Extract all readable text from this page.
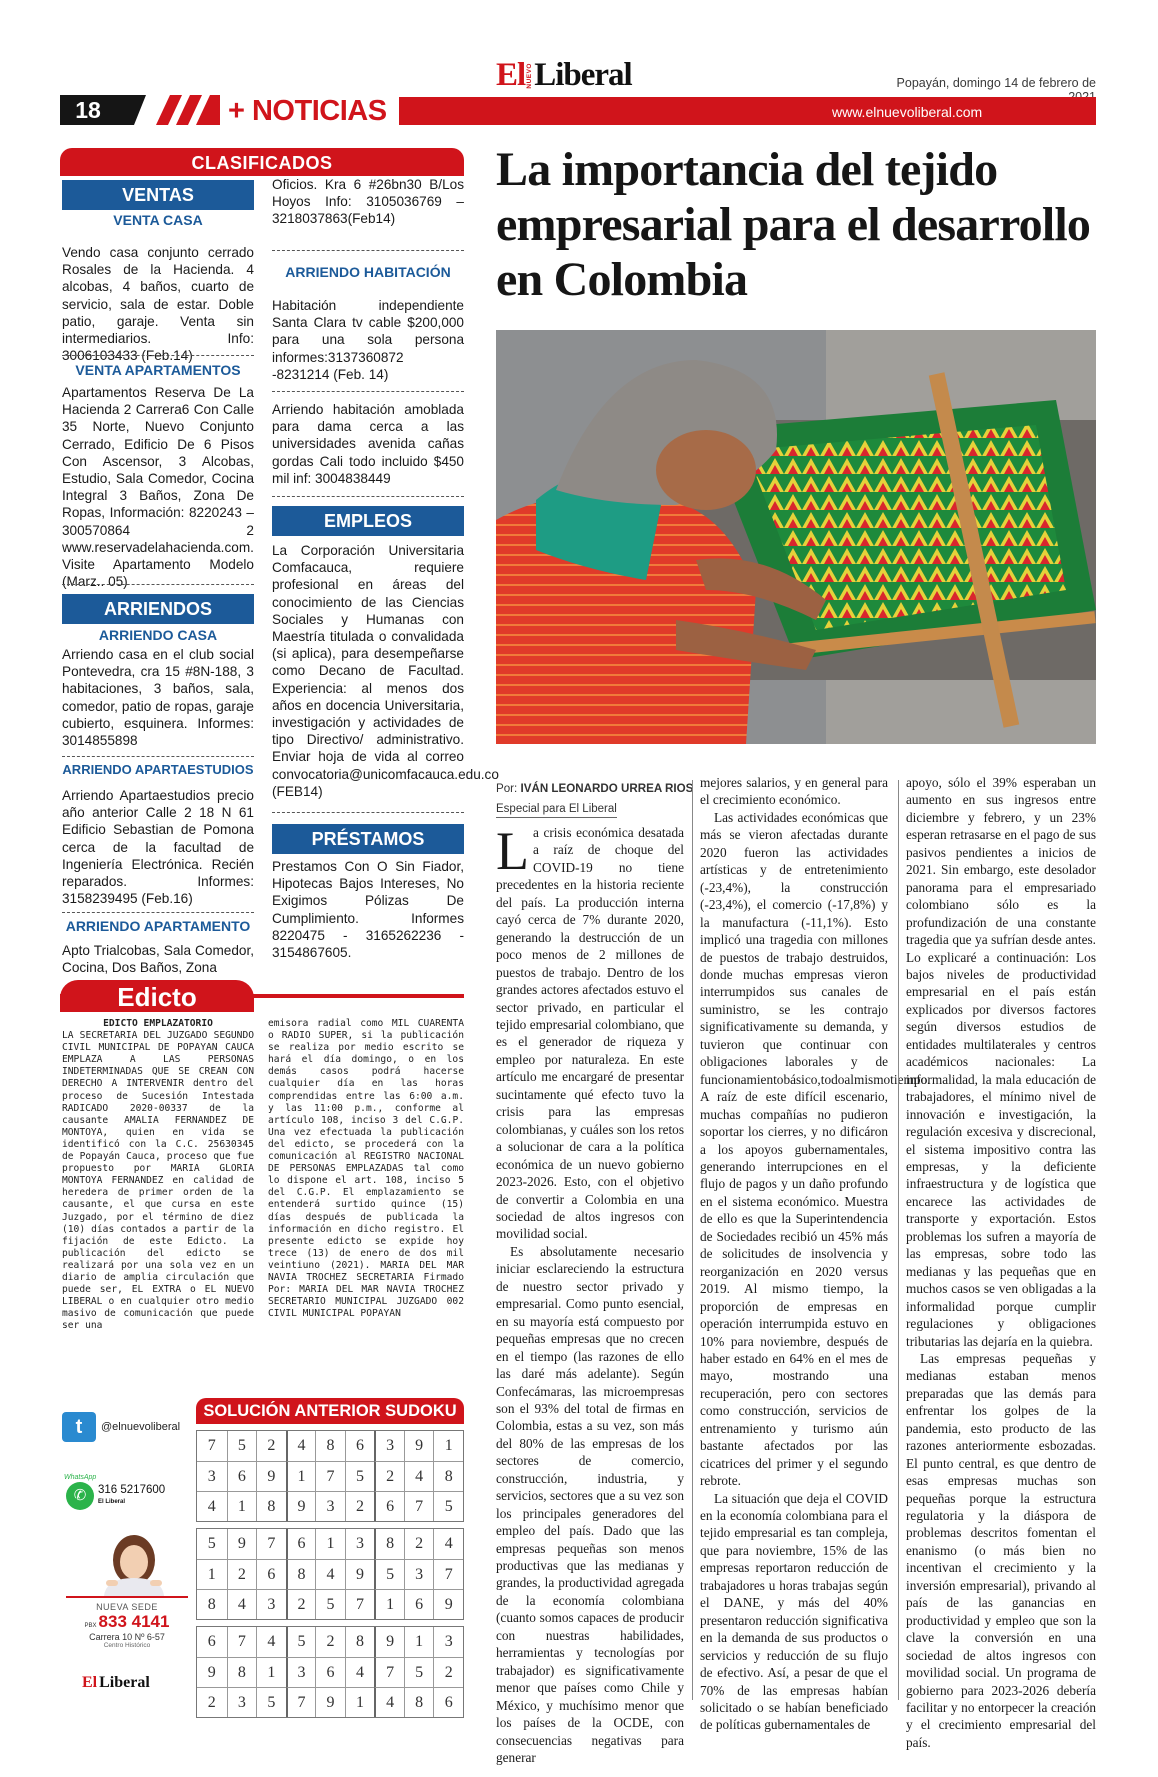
El NUEVO Liberal	Popayán, domingo 14 de febrero de
18	www.elnuevoliberal.com
+ NOTICIAS
CLASIFICADOS
VENTAS
VENTA CASA
Vendo casa conjunto cerrado Rosales de la Hacienda. 4 alcobas, 4 baños, cuarto de servicio, sala de estar. Doble patio, garaje. Venta sin intermediarios. Info: 3006103433 (Feb.14)
VENTA APARTAMENTOS
Apartamentos Reserva De La Hacienda 2 Carrera6 Con Calle 35 Norte, Nuevo Conjunto Cerrado, Edificio De 6 Pisos Con Ascensor, 3 Alcobas, Estudio, Sala Comedor, Cocina Integral 3 Baños, Zona De Ropas, Información: 8220243 – 300570864 2 www.reservadelahacienda.com. Visite Apartamento Modelo (Marz.. 05)
ARRIENDOS
ARRIENDO CASA
Arriendo casa en el club social Pontevedra, cra 15 #8N-188, 3 habitaciones, 3 baños, sala, comedor, patio de ropas, garaje cubierto, esquinera. Informes: 3014855898
ARRIENDO APARTAESTUDIOS
Arriendo Apartaestudios precio año anterior Calle 2 18 N 61 Edificio Sebastian de Pomona cerca de la facultad de Ingeniería Electrónica. Recién reparados. Informes: 3158239495 (Feb.16)
ARRIENDO APARTAMENTO
Apto Trialcobas, Sala Comedor, Cocina, Dos Baños, Zona
Oficios. Kra 6 #26bn30 B/Los Hoyos Info: 3105036769 – 3218037863(Feb14)
ARRIENDO HABITACIÓN
Habitación independiente Santa Clara tv cable $200,000 para una sola persona informes:3137360872 -8231214 (Feb. 14)
Arriendo habitación amoblada para dama cerca a las universidades avenida cañas gordas Cali todo incluido $450 mil inf: 3004838449
EMPLEOS
La Corporación Universitaria Comfacauca, requiere profesional en áreas del conocimiento de las Ciencias Sociales y Humanas con Maestría titulada o convalidada (si aplica), para desempeñarse como Decano de Facultad. Experiencia: al menos dos años en docencia Universitaria, investigación y actividades de tipo Directivo/ administrativo. Enviar hoja de vida al correo convocatoria@unicomfacauca.edu.co (FEB14)
PRÉSTAMOS
Prestamos Con O Sin Fiador, Hipotecas Bajos Intereses, No Exigimos Pólizas De Cumplimiento. Informes 8220475 - 3165262236 - 3154867605.
Edicto
EDICTO EMPLAZATORIO
LA SECRETARIA DEL JUZGADO SEGUNDO CIVIL MUNICIPAL DE POPAYAN CAUCA EMPLAZA A LAS PERSONAS INDETERMINADAS QUE SE CREAN CON DERECHO A INTERVENIR dentro del proceso de Sucesión Intestada RADICADO 2020-00337 de la causante AMALIA FERNANDEZ DE MONTOYA, quien en vida se identificó con la C.C. 25630345 de Popayán Cauca, proceso que fue propuesto por MARIA GLORIA MONTOYA FERNANDEZ en calidad de heredera de primer orden de la causante, el que cursa en este Juzgado, por el término de diez (10) días contados a partir de la fijación de este Edicto. La publicación del edicto se realizará por una sola vez en un diario de amplia circulación que puede ser, EL EXTRA o EL NUEVO LIBERAL o en cualquier otro medio masivo de comunicación que puede ser una
emisora radial como MIL CUARENTA o RADIO SUPER, si la publicación se realiza por medio escrito se hará el día domingo, o en los demás casos podrá hacerse cualquier día en las horas comprendidas entre las 6:00 a.m. y las 11:00 p.m., conforme al artículo 108, inciso 3 del C.G.P. Una vez efectuada la publicación del edicto, se procederá con la comunicación al REGISTRO NACIONAL DE PERSONAS EMPLAZADAS tal como lo dispone el art. 108, inciso 5 del C.G.P. El emplazamiento se entenderá surtido quince (15) días después de publicada la información en dicho registro. El presente edicto se expide hoy trece (13) de enero de dos mil veintiuno (2021). MARIA DEL MAR NAVIA TROCHEZ SECRETARIA Firmado Por: MARIA DEL MAR NAVIA TROCHEZ SECRETARIO MUNICIPAL JUZGADO 002 CIVIL MUNICIPAL POPAYAN
t	@elnuevoliberal
WhatsApp
✆	316 5217600
El Liberal
NUEVA SEDE
PBX 833 4141
Carrera 10 Nº 6-57
Centro Histórico
El Liberal
SOLUCIÓN ANTERIOR SUDOKU
7	5	2	4	8	6	3	9	1
3	6	9	1	7	5	2	4	8
4	1	8	9	3	2	6	7	5
5	9	7	6	1	3	8	2	4
1	2	6	8	4	9	5	3	7
8	4	3	2	5	7	1	6	9
6	7	4	5	2	8	9	1	3
9	8	1	3	6	4	7	5	2
2	3	5	7	9	1	4	8	6
La importancia del tejido empresarial para el desarrollo en Colombia
Por: IVÁN LEONARDO URREA RIOS
Especial para El Liberal
L a crisis económica desatada a raíz de choque del COVID-19 no tiene precedentes en la historia reciente del país. La producción interna cayó cerca de 7% durante 2020, generando la destrucción de un poco menos de 2 millones de puestos de trabajo. Dentro de los grandes actores afectados estuvo el sector privado, en particular el tejido empresarial colombiano, que es el generador de riqueza y empleo por naturaleza. En este artículo me encargaré de presentar sucintamente qué efecto tuvo la crisis para las empresas colombianas, y cuáles son los retos a solucionar de cara a la política económica de un nuevo gobierno 2023-2026. Esto, con el objetivo de convertir a Colombia en una sociedad de altos ingresos con movilidad social.

Es absolutamente necesario iniciar esclareciendo la estructura de nuestro sector privado y empresarial. Como punto esencial, en su mayoría está compuesto por pequeñas empresas que no crecen en el tiempo (las razones de ello las daré más adelante). Según Confecámaras, las microempresas son el 93% del total de firmas en Colombia, estas a su vez, son más del 80% de las empresas de los sectores de comercio, construcción, industria, y servicios, sectores que a su vez son los principales generadores del empleo del país. Dado que las empresas pequeñas son menos productivas que las medianas y grandes, la productividad agregada de la economía colombiana (cuanto somos capaces de producir con nuestras habilidades, herramientas y tecnologías por trabajador) es significativamente menor que países como Chile y México, y muchísimo menor que los países de la OCDE, con consecuencias negativas para generar

mejores salarios, y en general para el crecimiento económico.

Las actividades económicas que más se vieron afectadas durante 2020 fueron las actividades artísticas y de entretenimiento (-23,4%), la construcción (-23,4%), el comercio (-17,8%) y la manufactura (-11,1%). Esto implicó una tragedia con millones de puestos de trabajo destruidos, donde muchas empresas vieron interrumpidos sus canales de suministro, se les contrajo significativamente su demanda, y tuvieron que continuar con obligaciones laborales y de funcionamientobásico,todoalmismotiempo. A raíz de este difícil escenario, muchas compañías no pudieron soportar los cierres, y no dificáron a los apoyos gubernamentales, generando interrupciones en el flujo de pagos y un daño profundo en el sistema económico. Muestra de ello es que la Superintendencia de Sociedades recibió un 45% más de solicitudes de insolvencia y reorganización en 2020 versus 2019. Al mismo tiempo, la proporción de empresas en operación interrumpida estuvo en 10% para noviembre, después de haber estado en 64% en el mes de mayo, mostrando una recuperación, pero con sectores como construcción, servicios de entrenamiento y turismo aún bastante afectados por las cicatrices del primer y el segundo rebrote.

La situación que deja el COVID en la economía colombiana para el tejido empresarial es tan compleja, que para noviembre, 15% de las empresas reportaron reducción de trabajadores u horas trabajas según el DANE, y más del 40% presentaron reducción significativa en la demanda de sus productos o servicios y reducción de su flujo de efectivo. Así, a pesar de que el 70% de las empresas habían solicitado o se habían beneficiado de políticas gubernamentales de

apoyo, sólo el 39% esperaban un aumento en sus ingresos entre diciembre y febrero, y un 23% esperan retrasarse en el pago de sus pasivos pendientes a inicios de 2021. Sin embargo, este desolador panorama para el empresariado colombiano sólo es la profundización de una constante tragedia que ya sufrían desde antes. Lo explicaré a continuación: Los bajos niveles de productividad empresarial en el país están explicados por diversos factores según diversos estudios de entidades multilaterales y centros académicos nacionales: La informalidad, la mala educación de trabajadores, el mínimo nivel de innovación e investigación, la regulación excesiva y discrecional, el sistema impositivo contra las empresas, y la deficiente infraestructura y de logística que encarece las actividades de transporte y exportación. Estos problemas los sufren a mayoría de las empresas, sobre todo las medianas y las pequeñas que en muchos casos se ven obligadas a la informalidad porque cumplir regulaciones y obligaciones tributarias las dejaría en la quiebra.

Las empresas pequeñas y medianas estaban menos preparadas que las demás para enfrentar los golpes de la pandemia, esto producto de las razones anteriormente esbozadas. El punto central, es que dentro de esas empresas muchas son pequeñas porque la estructura regulatoria y la diáspora de problemas descritos fomentan el enanismo (o más bien no incentivan el crecimiento y la inversión empresarial), privando al país de las ganancias en productividad y empleo que son la clave la conversión en una sociedad de altos ingresos con movilidad social. Un programa de gobierno para 2023-2026 debería facilitar y no entorpecer la creación y el crecimiento empresarial del país.
